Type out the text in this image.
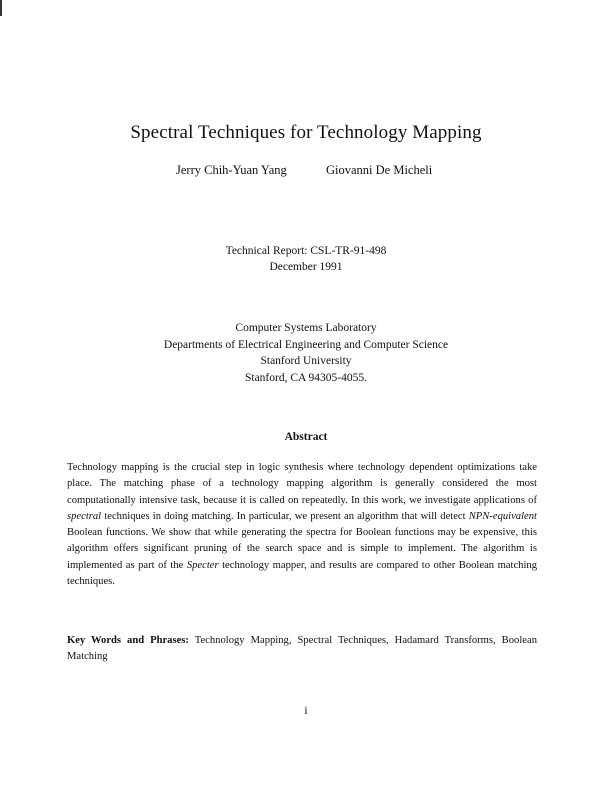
Spectral Techniques for Technology Mapping
Jerry Chih-Yuan Yang	Giovanni De Micheli
Technical Report: CSL-TR-91-498
December 1991
Computer Systems Laboratory
Departments of Electrical Engineering and Computer Science
Stanford University
Stanford, CA 94305-4055.
Abstract
Technology mapping is the crucial step in logic synthesis where technology dependent optimizations take place. The matching phase of a technology mapping algorithm is generally considered the most computationally intensive task, because it is called on repeatedly. In this work, we investigate applications of spectral techniques in doing matching. In particular, we present an algorithm that will detect NPN-equivalent Boolean functions. We show that while generating the spectra for Boolean functions may be expensive, this algorithm offers significant pruning of the search space and is simple to implement. The algorithm is implemented as part of the Specter technology mapper, and results are compared to other Boolean matching techniques.
Key Words and Phrases: Technology Mapping, Spectral Techniques, Hadamard Transforms, Boolean Matching
i
